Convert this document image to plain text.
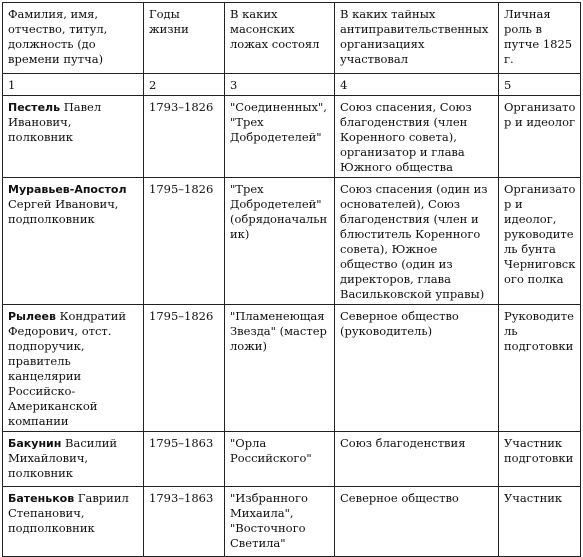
Фамилия, имя, отчество, титул, должность (до времени путча)	Годы жизни	В каких масонских ложах состоял	В каких тайных антиправительственных организациях участвовал	Личная роль в путче 1825 г.
1	2	3	4	5
Пестель Павел Иванович, полковник	1793–1826	"Соединенных", "Трех Добродетелей"	Союз спасения, Союз благоденствия (член Коренного совета), организатор и глава Южного общества	Организатор и идеолог
Муравьев-Апостол Сергей Иванович, подполковник	1795–1826	"Трех Добродетелей" (обрядоначальник)	Союз спасения (один из основателей), Союз благоденствия (член и блюститель Коренного совета), Южное общество (один из директоров, глава Васильковской управы)	Организатор и идеолог, руководитель бунта Черниговского полка
Рылеев Кондратий Федорович, отст. подпоручик, правитель канцелярии Российско-Американской компании	1795–1826	"Пламенеющая Звезда" (мастер ложи)	Северное общество (руководитель)	Руководитель подготовки
Бакунин Василий Михайлович, полковник	1795–1863	"Орла Российского"	Союз благоденствия	Участник подготовки
Батеньков Гавриил Степанович, подполковник	1793–1863	"Избранного Михаила", "Восточного Светила"	Северное общество	Участник
